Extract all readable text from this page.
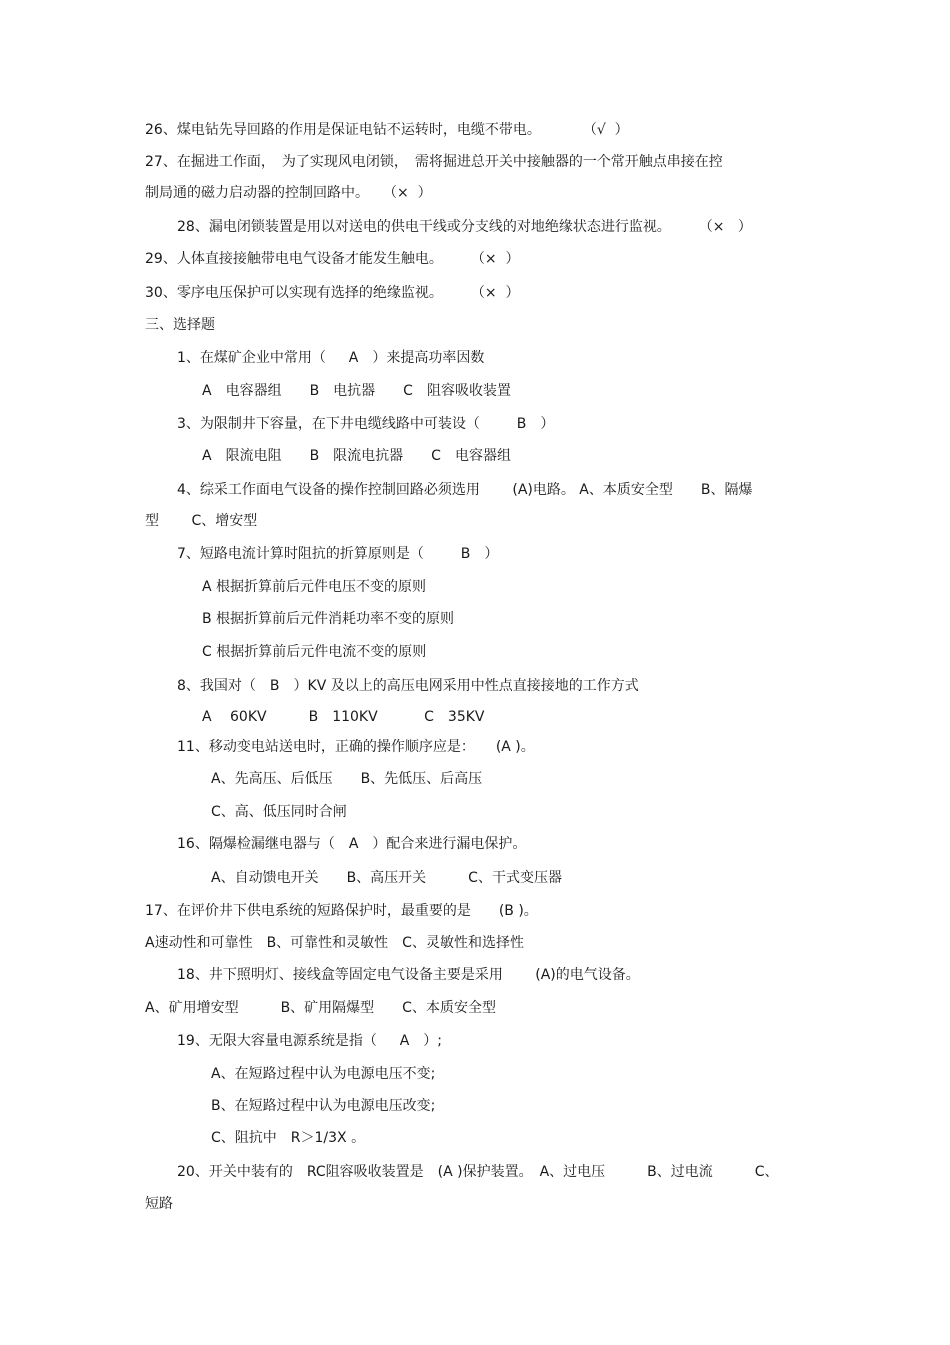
26、煤电钻先导回路的作用是保证电钻不运转时，电缆不带电。　　　　（√  ）
27、在掘进工作面，　为了实现风电闭锁，　需将掘进总开关中接触器的一个常开触点串接在控
制局通的磁力启动器的控制回路中。　　（×  ）
28、漏电闭锁装置是用以对送电的供电干线或分支线的对地绝缘状态进行监视。　　　（×   ）
29、人体直接接触带电电气设备才能发生触电。　　　（×  ）
30、零序电压保护可以实现有选择的绝缘监视。　　　（×  ）
三、选择题
1、在煤矿企业中常用（　  A　）来提高功率因数
A　电容器组　　B　电抗器　　C　阻容吸收装置
3、为限制井下容量，在下井电缆线路中可装设（　　  B　）
A　限流电阻　　B　限流电抗器　　C　电容器组
4、综采工作面电气设备的操作控制回路必须选用　　 (A)电路。 A、本质安全型　　B、隔爆
型　　 C、增安型
7、短路电流计算时阻抗的折算原则是（　　  B　）
A 根据折算前后元件电压不变的原则
B 根据折算前后元件消耗功率不变的原则
C 根据折算前后元件电流不变的原则
8、我国对（　B　）KV 及以上的高压电网采用中性点直接接地的工作方式
A　 60KV　　　B　110KV　　　 C　35KV
11、移动变电站送电时，正确的操作顺序应是：　　(A )。
A、先高压、后低压　　B、先低压、后高压
C、高、低压同时合闸
16、隔爆检漏继电器与（　A　）配合来进行漏电保护。
A、自动馈电开关　　B、高压开关　　　C、干式变压器
17、在评价井下供电系统的短路保护时，最重要的是　　(B )。
A速动性和可靠性　B、可靠性和灵敏性　C、灵敏性和选择性
18、井下照明灯、接线盒等固定电气设备主要是采用　　 (A)的电气设备。
A、矿用增安型　　　B、矿用隔爆型　　C、本质安全型
19、无限大容量电源系统是指（　  A　）;
A、在短路过程中认为电源电压不变;
B、在短路过程中认为电源电压改变;
C、阻抗中　R＞1/3X 。
20、开关中装有的　RC阻容吸收装置是　(A )保护装置。　A、过电压　　　B、过电流　　　C、
短路
